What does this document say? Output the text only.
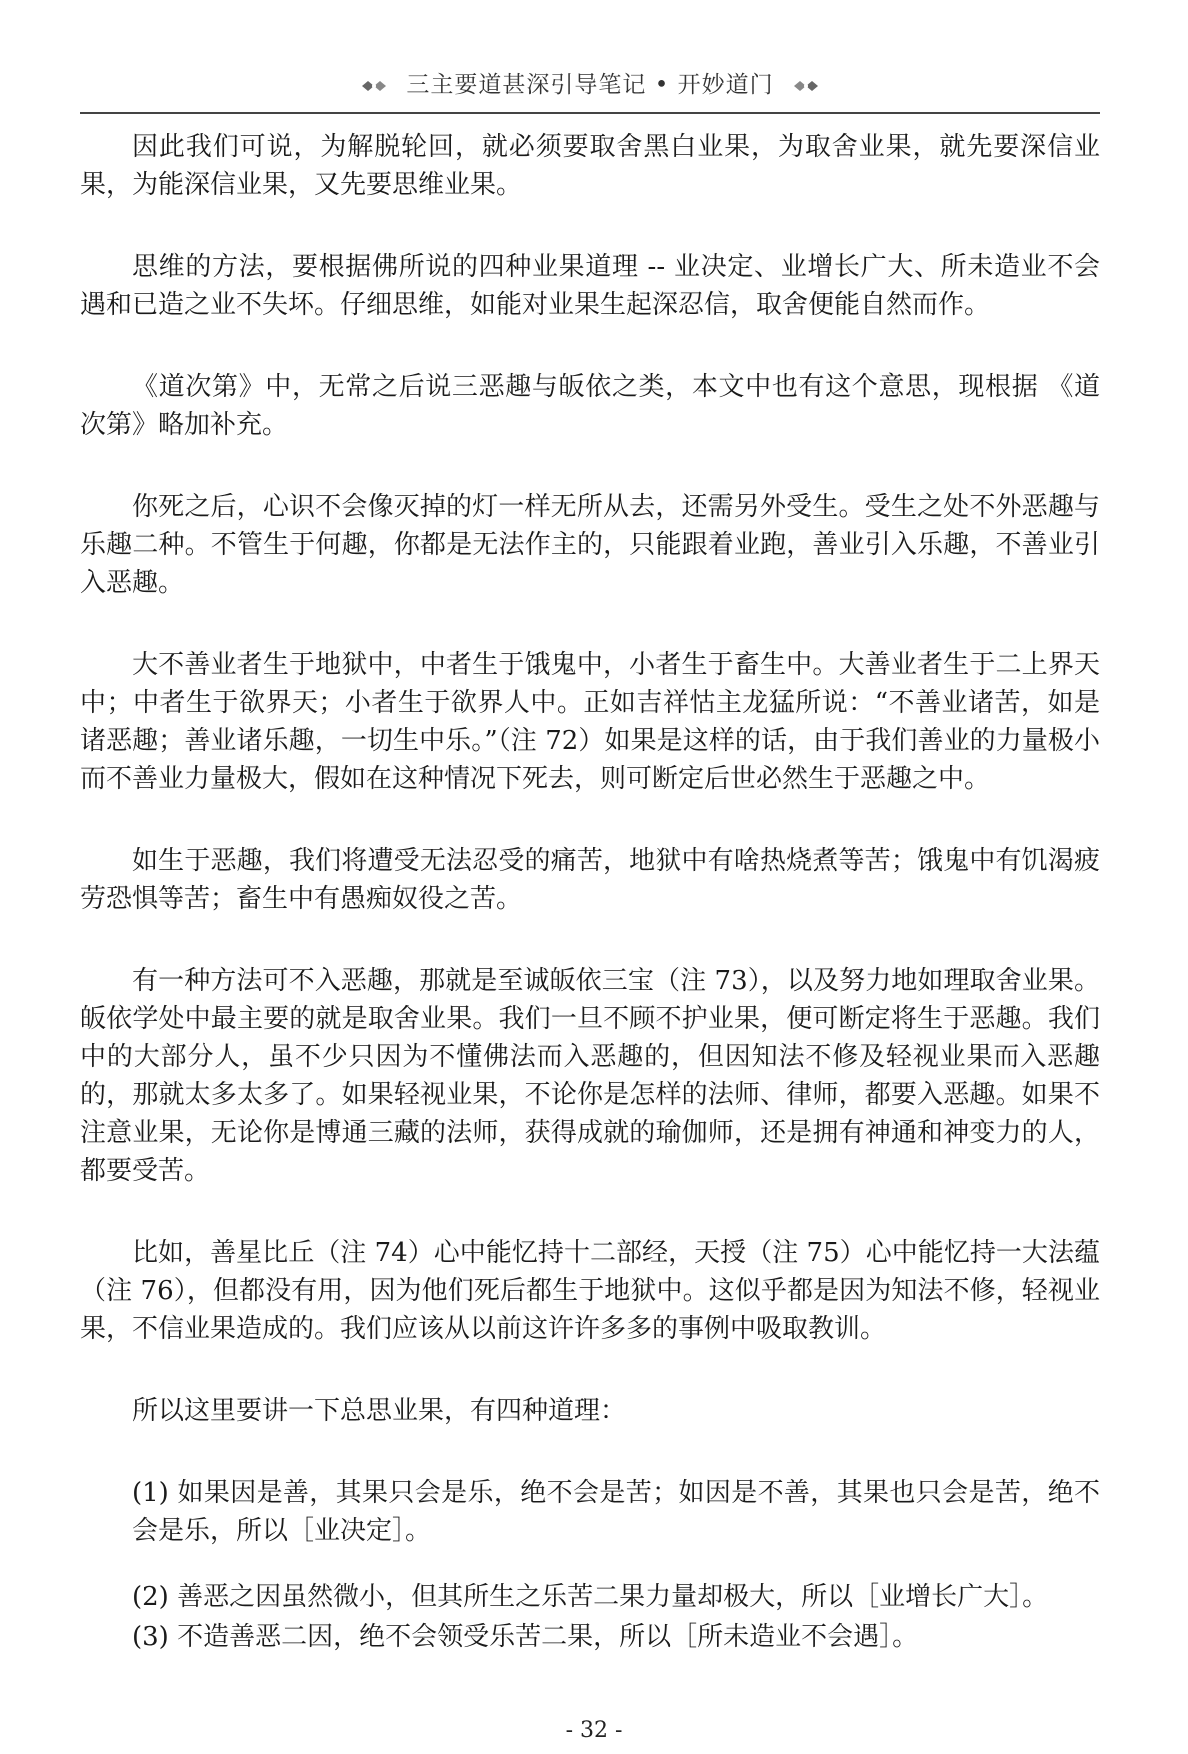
三主要道甚深引导笔记 • 开妙道门

因此我们可说，为解脱轮回，就必须要取舍黑白业果，为取舍业果，就先要深信业果，为能深信业果，又先要思维业果。

思维的方法，要根据佛所说的四种业果道理 -- 业决定、业增长广大、所未造业不会遇和已造之业不失坏。仔细思维，如能对业果生起深忍信，取舍便能自然而作。

《道次第》中，无常之后说三恶趣与皈依之类，本文中也有这个意思，现根据 《道次第》略加补充。

你死之后，心识不会像灭掉的灯一样无所从去，还需另外受生。受生之处不外恶趣与乐趣二种。不管生于何趣，你都是无法作主的，只能跟着业跑，善业引入乐趣，不善业引入恶趣。

大不善业者生于地狱中，中者生于饿鬼中，小者生于畜生中。大善业者生于二上界天中；中者生于欲界天；小者生于欲界人中。正如吉祥怙主龙猛所说：“不善业诸苦，如是诸恶趣；善业诸乐趣，一切生中乐。”（注 72）如果是这样的话，由于我们善业的力量极小而不善业力量极大，假如在这种情况下死去，则可断定后世必然生于恶趣之中。

如生于恶趣，我们将遭受无法忍受的痛苦，地狱中有啥热烧煮等苦；饿鬼中有饥渴疲劳恐惧等苦；畜生中有愚痴奴役之苦。

有一种方法可不入恶趣，那就是至诚皈依三宝（注 73），以及努力地如理取舍业果。皈依学处中最主要的就是取舍业果。我们一旦不顾不护业果，便可断定将生于恶趣。我们中的大部分人，虽不少只因为不懂佛法而入恶趣的，但因知法不修及轻视业果而入恶趣的，那就太多太多了。如果轻视业果，不论你是怎样的法师、律师，都要入恶趣。如果不注意业果，无论你是博通三藏的法师，获得成就的瑜伽师，还是拥有神通和神变力的人，都要受苦。

比如，善星比丘（注 74）心中能忆持十二部经，天授（注 75）心中能忆持一大法蕴（注 76），但都没有用，因为他们死后都生于地狱中。这似乎都是因为知法不修，轻视业果，不信业果造成的。我们应该从以前这许许多多的事例中吸取教训。

所以这里要讲一下总思业果，有四种道理：

(1) 如果因是善，其果只会是乐，绝不会是苦；如因是不善，其果也只会是苦，绝不会是乐，所以［业决定］。

(2) 善恶之因虽然微小，但其所生之乐苦二果力量却极大，所以［业增长广大］。

(3) 不造善恶二因，绝不会领受乐苦二果，所以［所未造业不会遇］。

- 32 -
